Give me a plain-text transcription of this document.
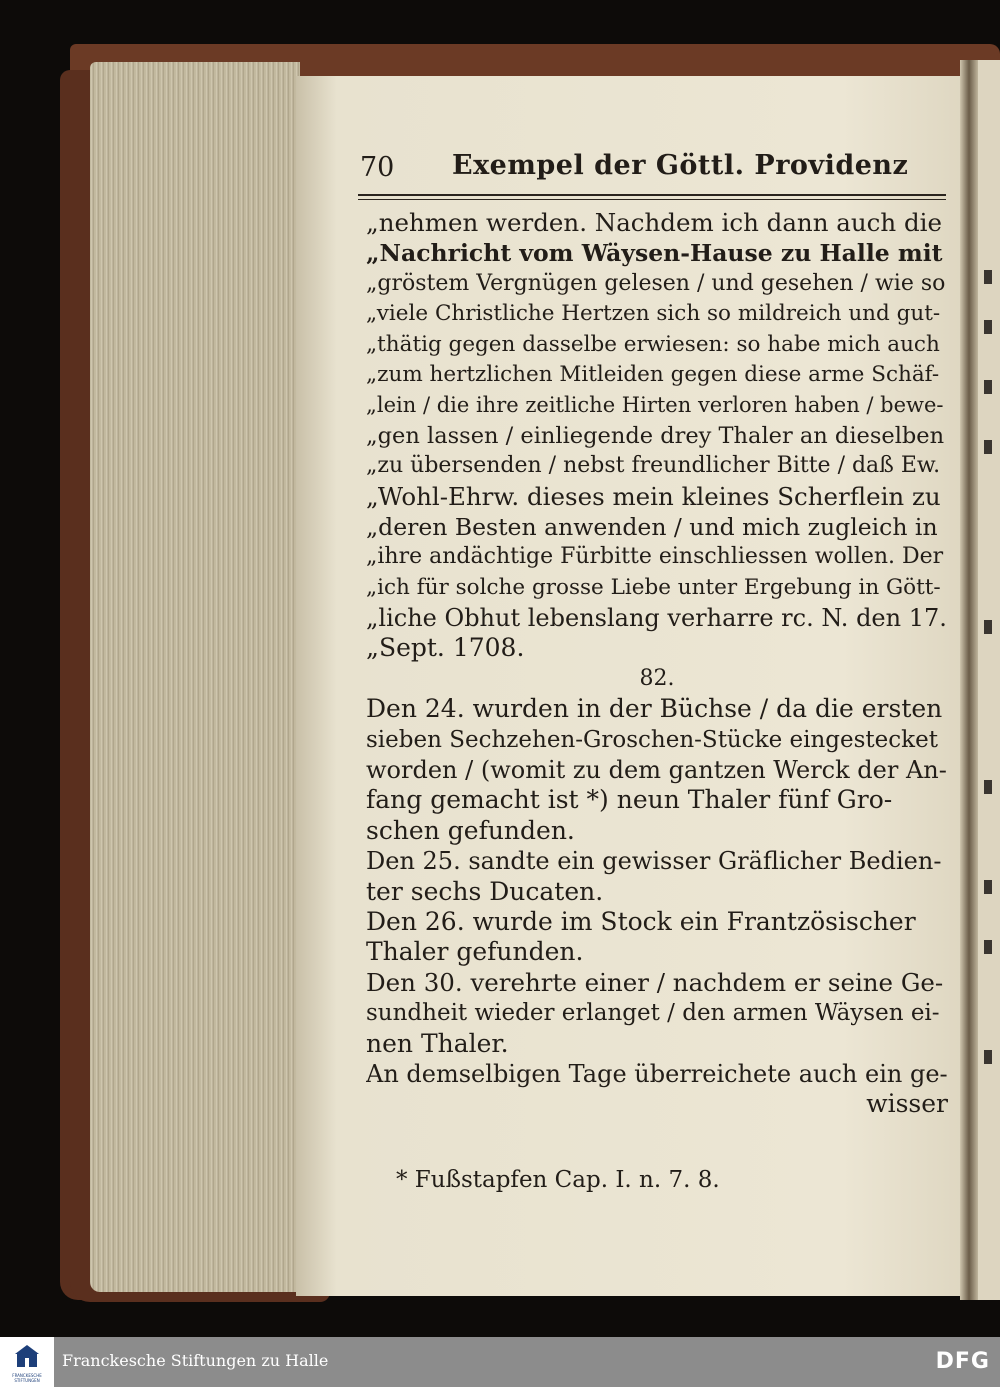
70 Exempel der Göttl. Providenz
„nehmen werden. Nachdem ich dann auch die
„Nachricht vom Wäysen-Hause zu Halle mit
„gröstem Vergnügen gelesen / und gesehen / wie so
„viele Christliche Hertzen sich so mildreich und gut-
„thätig gegen dasselbe erwiesen: so habe mich auch
„zum hertzlichen Mitleiden gegen diese arme Schäf-
„lein / die ihre zeitliche Hirten verloren haben / bewe-
„gen lassen / einliegende drey Thaler an dieselben
„zu übersenden / nebst freundlicher Bitte / daß Ew.
„Wohl-Ehrw. dieses mein kleines Scherflein zu
„deren Besten anwenden / und mich zugleich in
„ihre andächtige Fürbitte einschliessen wollen. Der
„ich für solche grosse Liebe unter Ergebung in Gött-
„liche Obhut lebenslang verharre rc. N. den 17.
„Sept. 1708.
82.
Den 24. wurden in der Büchse / da die ersten
sieben Sechzehen-Groschen-Stücke eingestecket
worden / (womit zu dem gantzen Werck der An-
fang gemacht ist *) neun Thaler fünf Gro-
schen gefunden.
Den 25. sandte ein gewisser Gräflicher Bedien-
ter sechs Ducaten.
Den 26. wurde im Stock ein Frantzösischer
Thaler gefunden.
Den 30. verehrte einer / nachdem er seine Ge-
sundheit wieder erlanget / den armen Wäysen ei-
nen Thaler.
An demselbigen Tage überreichete auch ein ge-
wisser
* Fußstapfen Cap. I. n. 7. 8.
FRANCKESCHE STIFTUNGEN
Franckesche Stiftungen zu Halle	DFG
